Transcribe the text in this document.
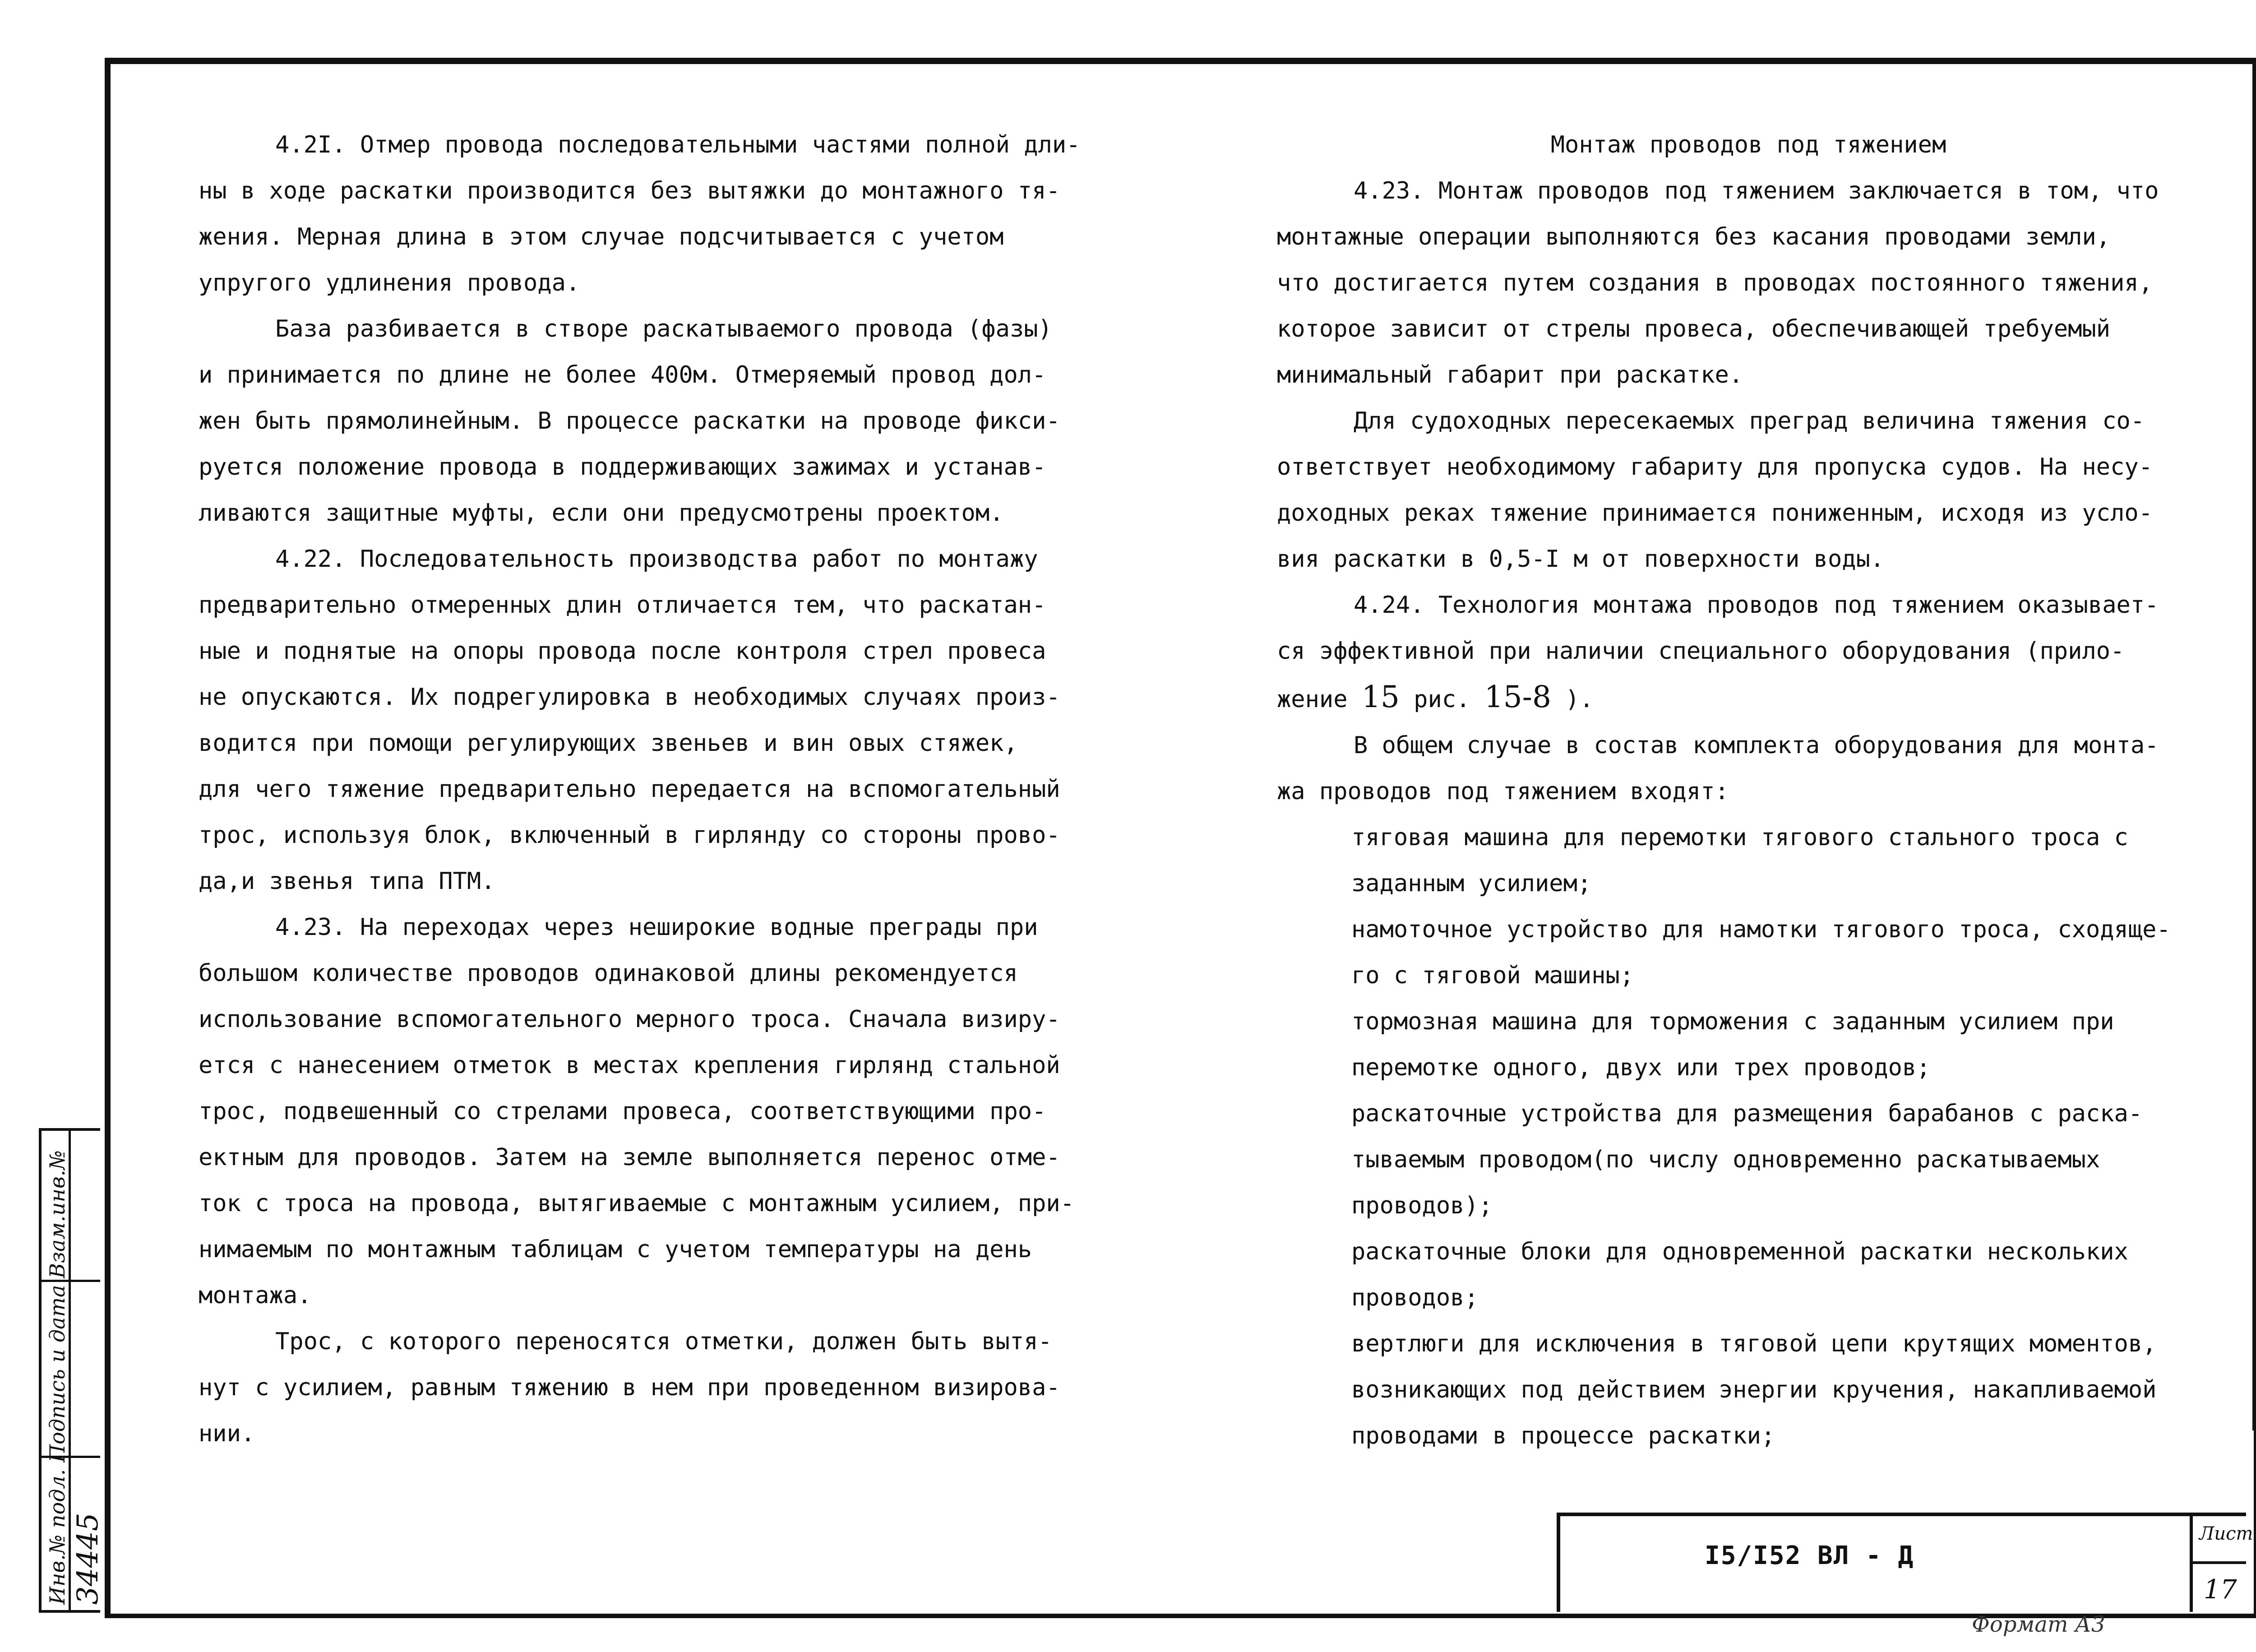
4.2I. Отмер провода последовательными частями полной дли-

ны в ходе раскатки производится без вытяжки до монтажного тя-

жения. Мерная длина в этом случае подсчитывается с учетом

упругого удлинения провода.

База разбивается в створе раскатываемого провода (фазы)

и принимается по длине не более 400м. Отмеряемый провод дол-

жен быть прямолинейным. В процессе раскатки на проводе фикси-

руется положение провода в поддерживающих зажимах и устанав-

ливаются защитные муфты, если они предусмотрены проектом.

4.22. Последовательность производства работ по монтажу

предварительно отмеренных длин отличается тем, что раскатан-

ные и поднятые на опоры провода после контроля стрел провеса

не опускаются. Их подрегулировка в необходимых случаях произ-

водится при помощи регулирующих звеньев и вин овых стяжек,

для чего тяжение предварительно передается на вспомогательный

трос, используя блок, включенный в гирлянду со стороны прово-

да,и звенья типа ПТМ.

4.23. На переходах через неширокие водные преграды при

большом количестве проводов одинаковой длины рекомендуется

использование вспомогательного мерного троса. Сначала визиру-

ется с нанесением отметок в местах крепления гирлянд стальной

трос, подвешенный со стрелами провеса, соответствующими про-

ектным для проводов. Затем на земле выполняется перенос отме-

ток с троса на провода, вытягиваемые с монтажным усилием, при-

нимаемым по монтажным таблицам с учетом температуры на день

монтажа.

Трос, с которого переносятся отметки, должен быть вытя-

нут с усилием, равным тяжению в нем при проведенном визирова-

нии.

Монтаж проводов под тяжением

4.23. Монтаж проводов под тяжением заключается в том, что

монтажные операции выполняются без касания проводами земли,

что достигается путем создания в проводах постоянного тяжения,

которое зависит от стрелы провеса, обеспечивающей требуемый

минимальный габарит при раскатке.

Для судоходных пересекаемых преград величина тяжения со-

ответствует необходимому габариту для пропуска судов. На несу-

доходных реках тяжение принимается пониженным, исходя из усло-

вия раскатки в 0,5-I м от поверхности воды.

4.24. Технология монтажа проводов под тяжением оказывает-

ся эффективной при наличии специального оборудования (прило-

жение 15 рис. 15-8 ).

В общем случае в состав комплекта оборудования для монта-

жа проводов под тяжением входят:

тяговая машина для перемотки тягового стального троса с

заданным усилием;

намоточное устройство для намотки тягового троса, сходяще-

го с тяговой машины;

тормозная машина для торможения с заданным усилием при

перемотке одного, двух или трех проводов;

раскаточные устройства для размещения барабанов с раска-

тываемым проводом(по числу одновременно раскатываемых

проводов);

раскаточные блоки для одновременной раскатки нескольких

проводов;

вертлюги для исключения в тяговой цепи крутящих моментов,

возникающих под действием энергии кручения, накапливаемой

проводами в процессе раскатки;

I5/I52 ВЛ - Д
Лист
17
Формат А3
Инв.№ подл. Подпись и дата Взам.инв.№ 34445
